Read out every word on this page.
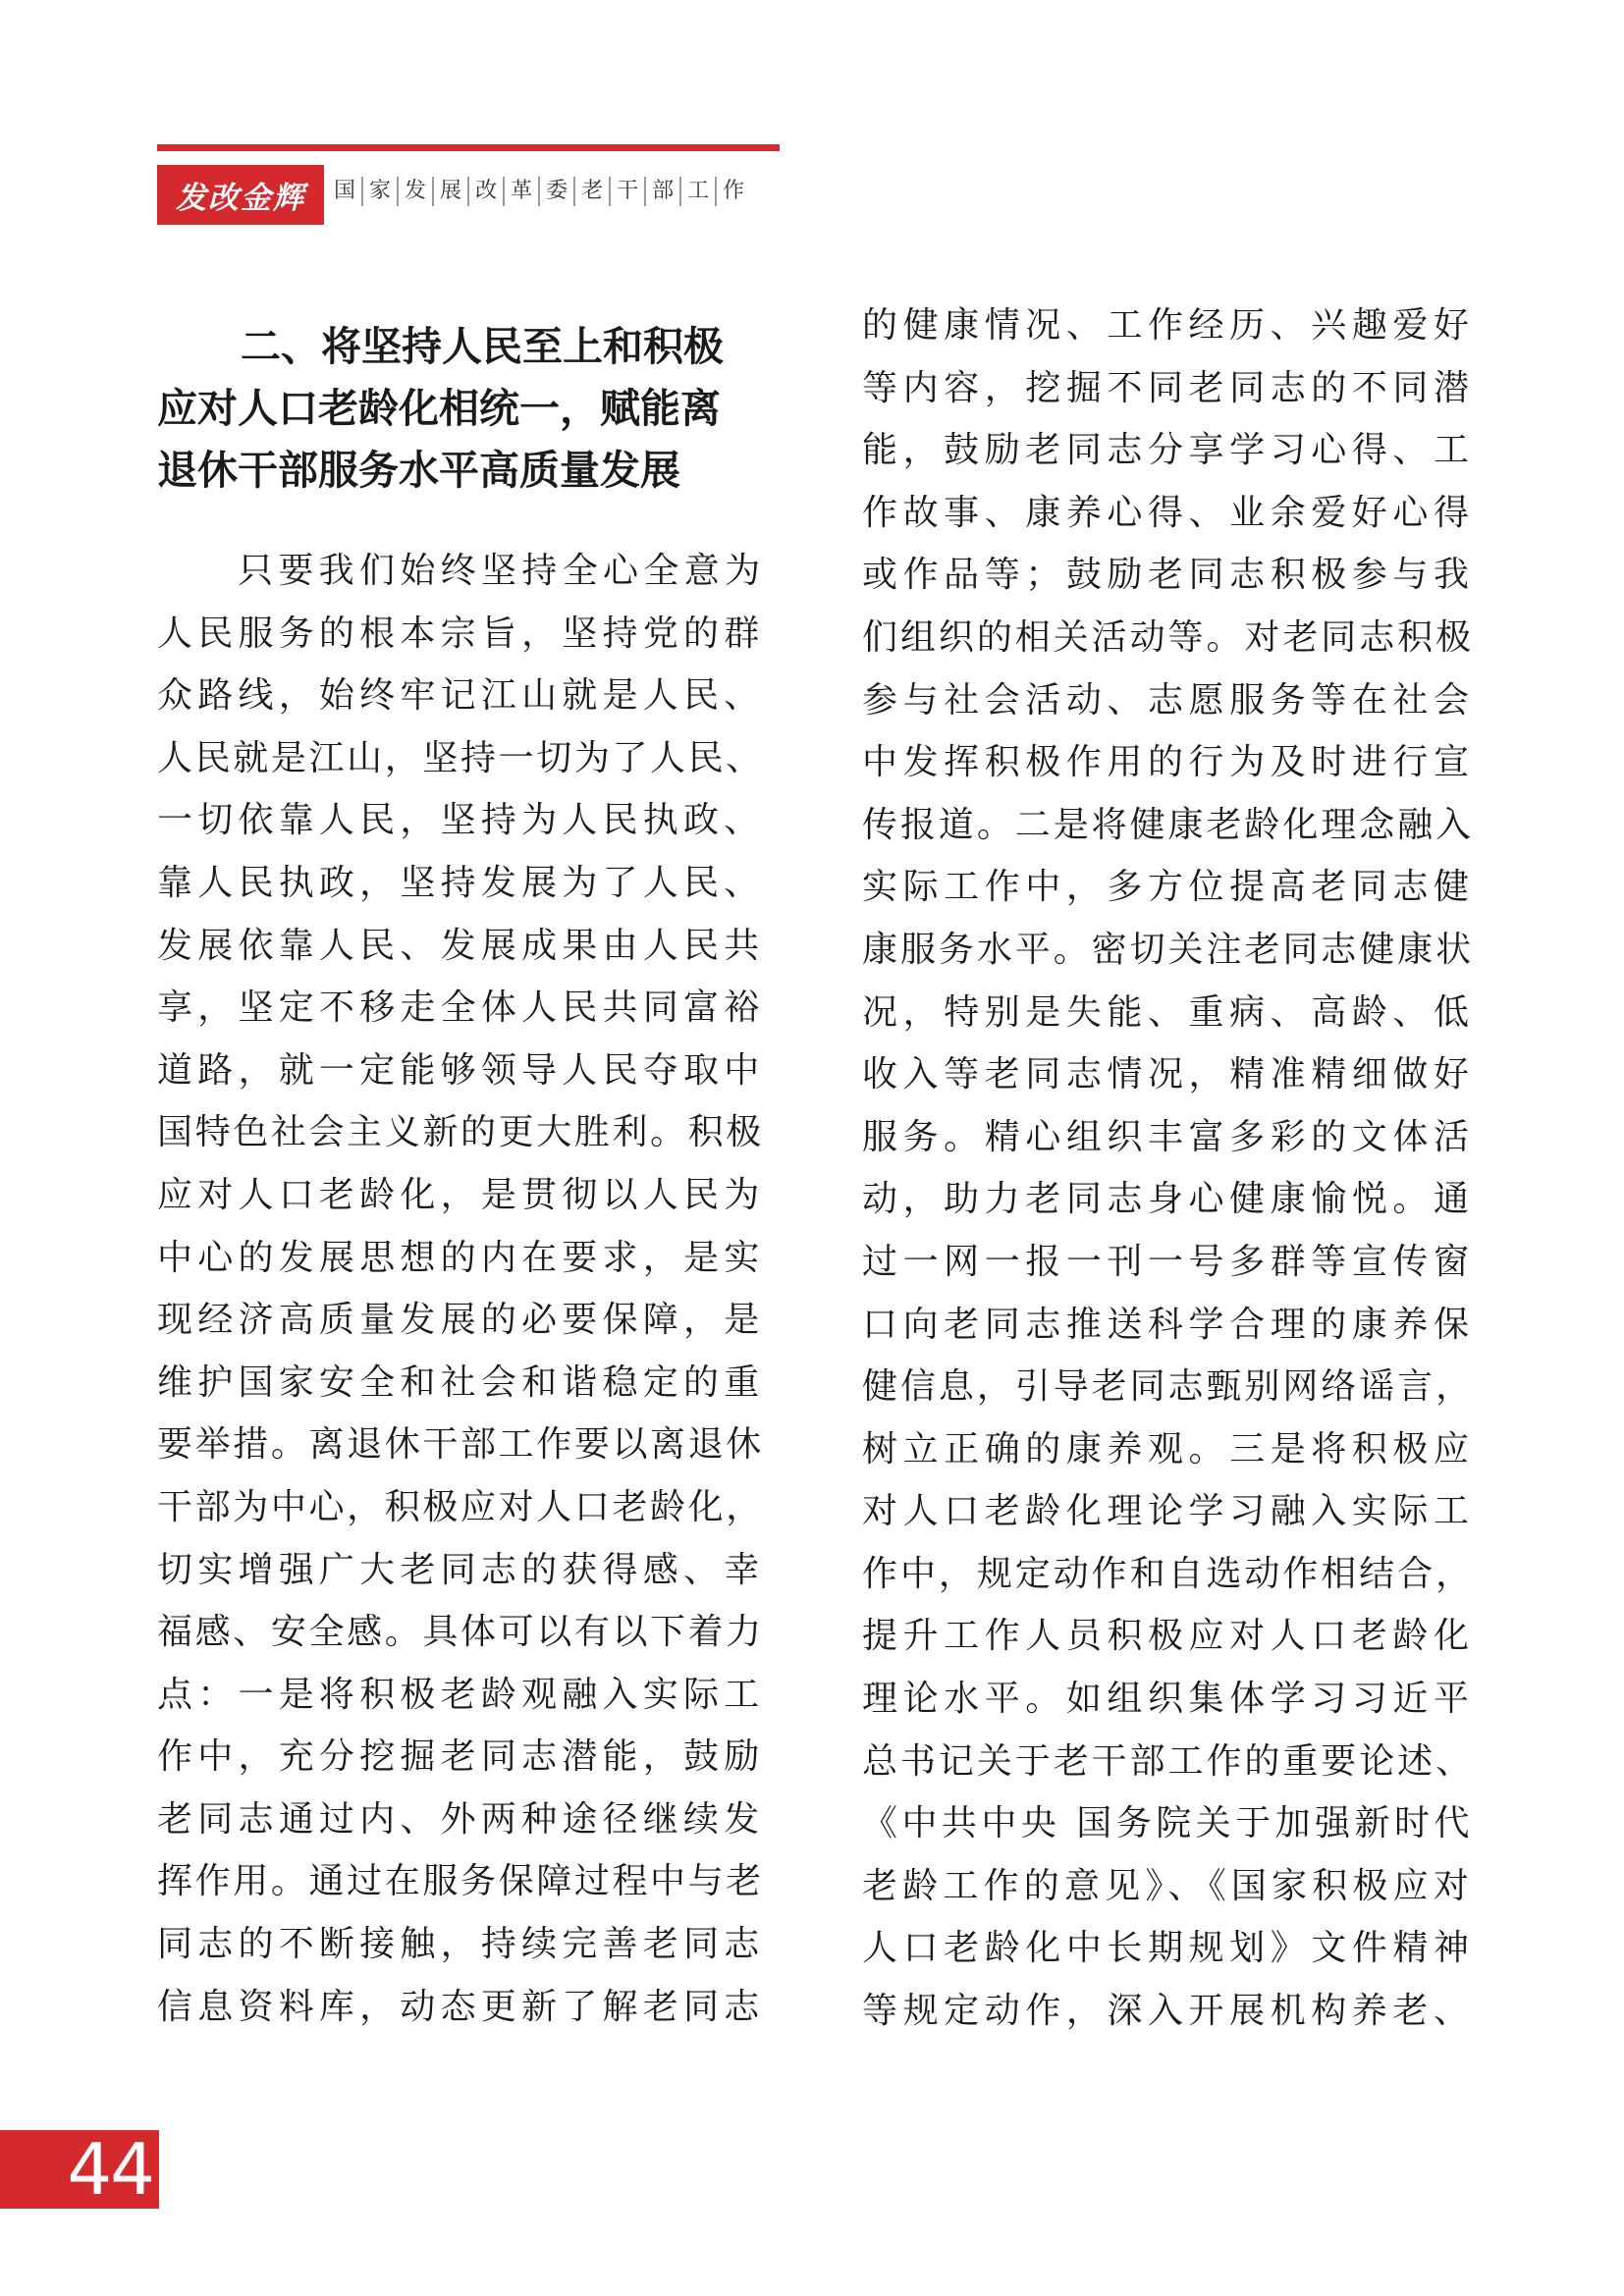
发改金辉 国 家 发 展 改 革 委 老 干 部 工 作
二、将坚持人民至上和积极
应对人口老龄化相统一，赋能离
退休干部服务水平高质量发展
只要我们始终坚持全心全意为
人民服务的根本宗旨，坚持党的群
众路线，始终牢记江山就是人民、
人民就是江山，坚持一切为了人民、
一切依靠人民，坚持为人民执政、
靠人民执政，坚持发展为了人民、
发展依靠人民、发展成果由人民共
享，坚定不移走全体人民共同富裕
道路，就一定能够领导人民夺取中
国特色社会主义新的更大胜利。积极
应对人口老龄化，是贯彻以人民为
中心的发展思想的内在要求，是实
现经济高质量发展的必要保障，是
维护国家安全和社会和谐稳定的重
要举措。离退休干部工作要以离退休
干部为中心，积极应对人口老龄化，
切实增强广大老同志的获得感、幸
福感、安全感。具体可以有以下着力
点：一是将积极老龄观融入实际工
作中，充分挖掘老同志潜能，鼓励
老同志通过内、外两种途径继续发
挥作用。通过在服务保障过程中与老
同志的不断接触，持续完善老同志
信息资料库，动态更新了解老同志
的健康情况、工作经历、兴趣爱好
等内容，挖掘不同老同志的不同潜
能，鼓励老同志分享学习心得、工
作故事、康养心得、业余爱好心得
或作品等；鼓励老同志积极参与我
们组织的相关活动等。对老同志积极
参与社会活动、志愿服务等在社会
中发挥积极作用的行为及时进行宣
传报道。二是将健康老龄化理念融入
实际工作中，多方位提高老同志健
康服务水平。密切关注老同志健康状
况，特别是失能、重病、高龄、低
收入等老同志情况，精准精细做好
服务。精心组织丰富多彩的文体活
动，助力老同志身心健康愉悦。通
过一网一报一刊一号多群等宣传窗
口向老同志推送科学合理的康养保
健信息，引导老同志甄别网络谣言，
树立正确的康养观。三是将积极应
对人口老龄化理论学习融入实际工
作中，规定动作和自选动作相结合，
提升工作人员积极应对人口老龄化
理论水平。如组织集体学习习近平
总书记关于老干部工作的重要论述、
《中共中央 国务院关于加强新时代
老龄工作的意见》、《国家积极应对
人口老龄化中长期规划》文件精神
等规定动作，深入开展机构养老、
44
